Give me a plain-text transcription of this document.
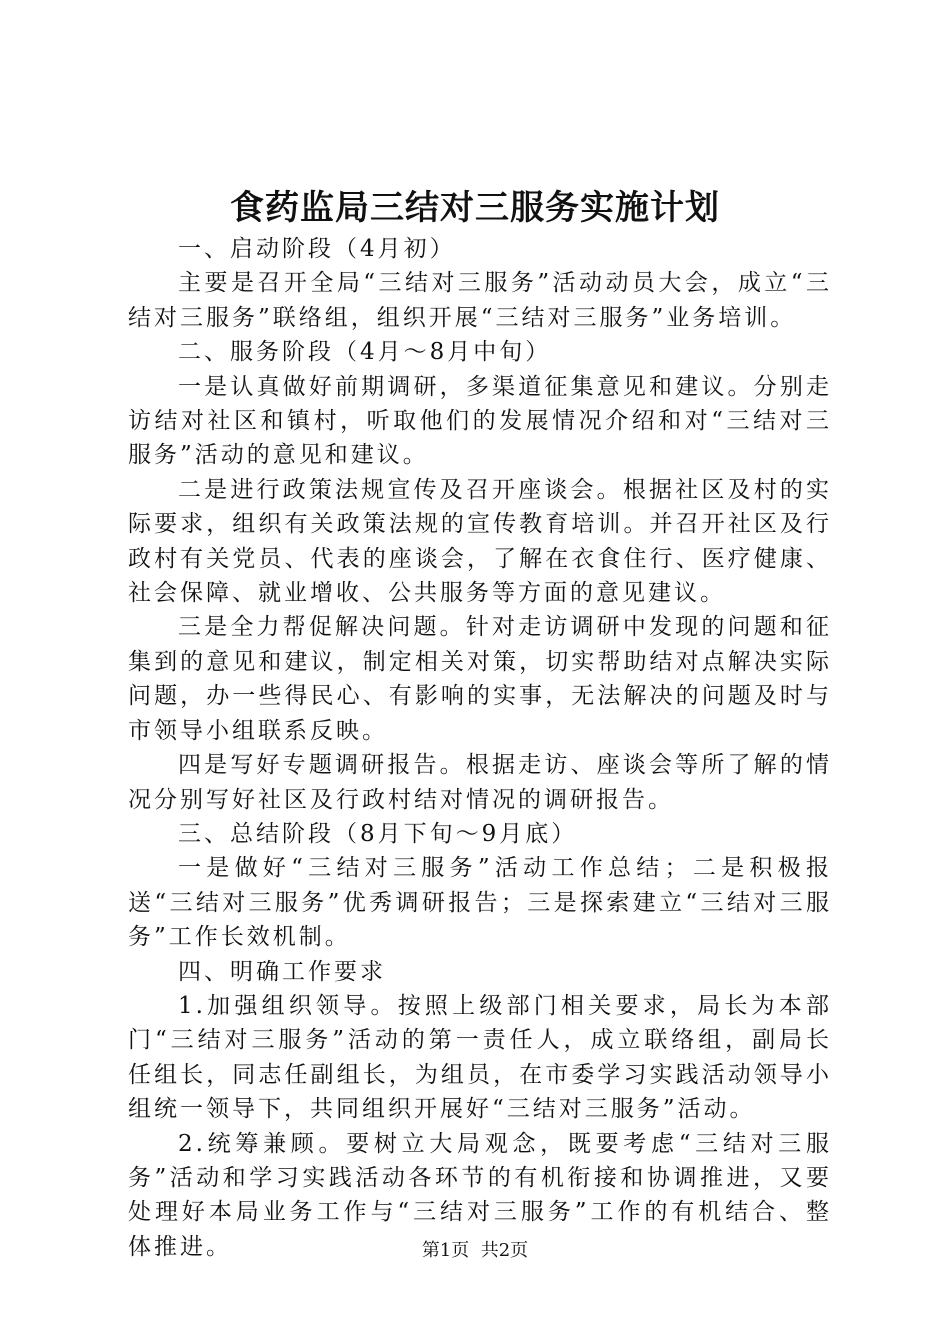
食药监局三结对三服务实施计划

一、启动阶段（4月初）

主要是召开全局“三结对三服务”活动动员大会，成立“三结对三服务”联络组，组织开展“三结对三服务”业务培训。

二、服务阶段（4月～8月中旬）

一是认真做好前期调研，多渠道征集意见和建议。分别走访结对社区和镇村，听取他们的发展情况介绍和对“三结对三服务”活动的意见和建议。

二是进行政策法规宣传及召开座谈会。根据社区及村的实际要求，组织有关政策法规的宣传教育培训。并召开社区及行政村有关党员、代表的座谈会，了解在衣食住行、医疗健康、社会保障、就业增收、公共服务等方面的意见建议。

三是全力帮促解决问题。针对走访调研中发现的问题和征集到的意见和建议，制定相关对策，切实帮助结对点解决实际问题，办一些得民心、有影响的实事，无法解决的问题及时与市领导小组联系反映。

四是写好专题调研报告。根据走访、座谈会等所了解的情况分别写好社区及行政村结对情况的调研报告。

三、总结阶段（8月下旬～9月底）

一是做好“三结对三服务”活动工作总结；二是积极报送“三结对三服务”优秀调研报告；三是探索建立“三结对三服务”工作长效机制。

四、明确工作要求

1.加强组织领导。按照上级部门相关要求，局长为本部门“三结对三服务”活动的第一责任人，成立联络组，副局长任组长，同志任副组长，为组员，在市委学习实践活动领导小组统一领导下，共同组织开展好“三结对三服务”活动。

2.统筹兼顾。要树立大局观念，既要考虑“三结对三服务”活动和学习实践活动各环节的有机衔接和协调推进，又要处理好本局业务工作与“三结对三服务”工作的有机结合、整体推进。	第1页  共2页
